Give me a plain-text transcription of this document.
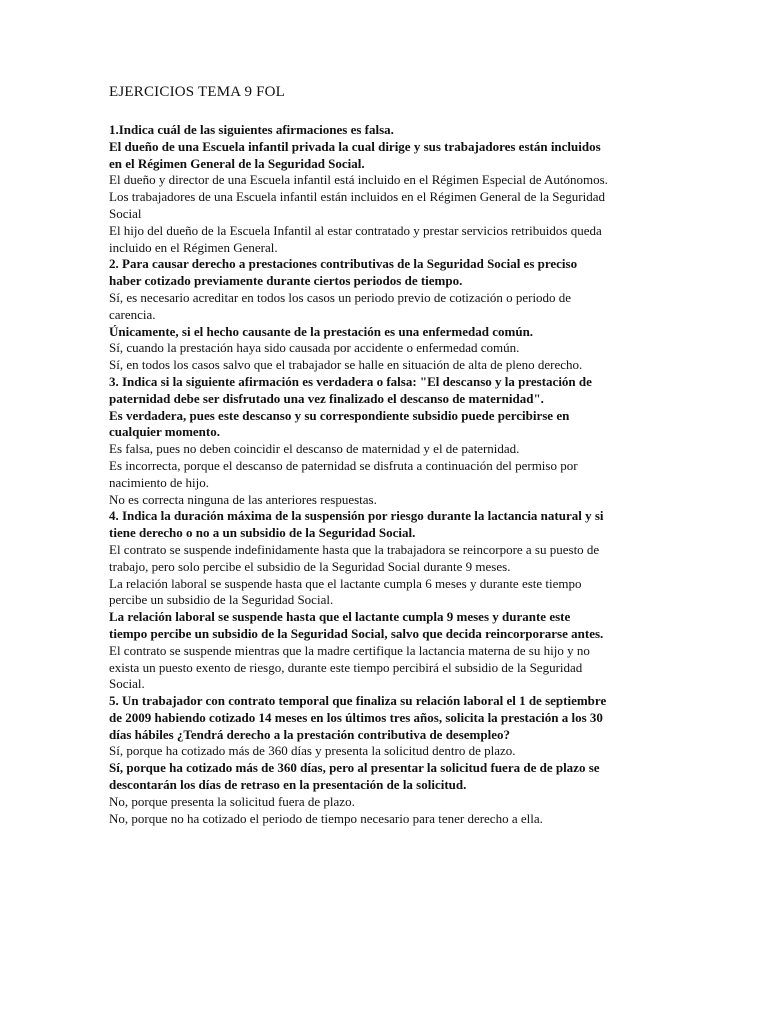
EJERCICIOS TEMA 9 FOL
1.Indica cuál de las siguientes afirmaciones es falsa.
El dueño de una Escuela infantil privada la cual dirige y sus trabajadores están incluidos
en el Régimen General de la Seguridad Social.
El dueño y director de una Escuela infantil está incluido en el Régimen Especial de Autónomos.
Los trabajadores de una Escuela infantil están incluidos en el Régimen General de la Seguridad
Social
El hijo del dueño de la Escuela Infantil al estar contratado y prestar servicios retribuidos queda
incluido en el Régimen General.
2. Para causar derecho a prestaciones contributivas de la Seguridad Social es preciso
haber cotizado previamente durante ciertos periodos de tiempo.
Sí, es necesario acreditar en todos los casos un periodo previo de cotización o periodo de
carencia.
Únicamente, si el hecho causante de la prestación es una enfermedad común.
Sí, cuando la prestación haya sido causada por accidente o enfermedad común.
Sí, en todos los casos salvo que el trabajador se halle en situación de alta de pleno derecho.
3. Indica si la siguiente afirmación es verdadera o falsa: "El descanso y la prestación de
paternidad debe ser disfrutado una vez finalizado el descanso de maternidad".
Es verdadera, pues este descanso y su correspondiente subsidio puede percibirse en
cualquier momento.
Es falsa, pues no deben coincidir el descanso de maternidad y el de paternidad.
Es incorrecta, porque el descanso de paternidad se disfruta a continuación del permiso por
nacimiento de hijo.
No es correcta ninguna de las anteriores respuestas.
4. Indica la duración máxima de la suspensión por riesgo durante la lactancia natural y si
tiene derecho o no a un subsidio de la Seguridad Social.
El contrato se suspende indefinidamente hasta que la trabajadora se reincorpore a su puesto de
trabajo, pero solo percibe el subsidio de la Seguridad Social durante 9 meses.
La relación laboral se suspende hasta que el lactante cumpla 6 meses y durante este tiempo
percibe un subsidio de la Seguridad Social.
La relación laboral se suspende hasta que el lactante cumpla 9 meses y durante este
tiempo percibe un subsidio de la Seguridad Social, salvo que decida reincorporarse antes.
El contrato se suspende mientras que la madre certifique la lactancia materna de su hijo y no
exista un puesto exento de riesgo, durante este tiempo percibirá el subsidio de la Seguridad
Social.
5. Un trabajador con contrato temporal que finaliza su relación laboral el 1 de septiembre
de 2009 habiendo cotizado 14 meses en los últimos tres años, solicita la prestación a los 30
días hábiles ¿Tendrá derecho a la prestación contributiva de desempleo?
Sí, porque ha cotizado más de 360 días y presenta la solicitud dentro de plazo.
Sí, porque ha cotizado más de 360 días, pero al presentar la solicitud fuera de de plazo se
descontarán los días de retraso en la presentación de la solicitud.
No, porque presenta la solicitud fuera de plazo.
No, porque no ha cotizado el periodo de tiempo necesario para tener derecho a ella.
